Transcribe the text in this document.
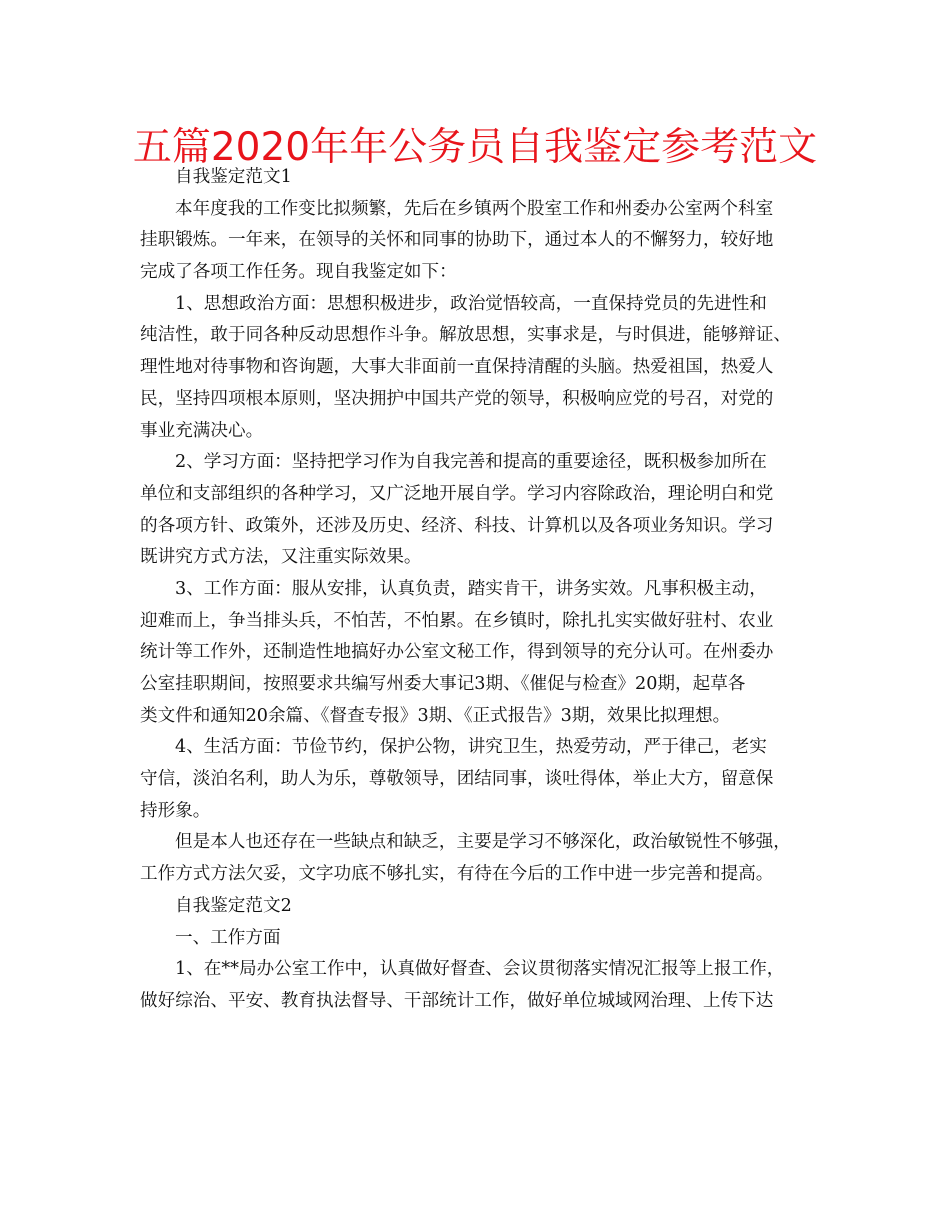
五篇2020年年公务员自我鉴定参考范文
自我鉴定范文1
本年度我的工作变比拟频繁，先后在乡镇两个股室工作和州委办公室两个科室
挂职锻炼。一年来，在领导的关怀和同事的协助下，通过本人的不懈努力，较好地
完成了各项工作任务。现自我鉴定如下：
1、思想政治方面：思想积极进步，政治觉悟较高，一直保持党员的先进性和
纯洁性，敢于同各种反动思想作斗争。解放思想，实事求是，与时俱进，能够辩证、
理性地对待事物和咨询题，大事大非面前一直保持清醒的头脑。热爱祖国，热爱人
民，坚持四项根本原则，坚决拥护中国共产党的领导，积极响应党的号召，对党的
事业充满决心。
2、学习方面：坚持把学习作为自我完善和提高的重要途径，既积极参加所在
单位和支部组织的各种学习，又广泛地开展自学。学习内容除政治，理论明白和党
的各项方针、政策外，还涉及历史、经济、科技、计算机以及各项业务知识。学习
既讲究方式方法，又注重实际效果。
3、工作方面：服从安排，认真负责，踏实肯干，讲务实效。凡事积极主动，
迎难而上，争当排头兵，不怕苦，不怕累。在乡镇时，除扎扎实实做好驻村、农业
统计等工作外，还制造性地搞好办公室文秘工作，得到领导的充分认可。在州委办
公室挂职期间，按照要求共编写州委大事记3期、《催促与检查》20期，起草各
类文件和通知20余篇、《督查专报》3期、《正式报告》3期，效果比拟理想。
4、生活方面：节俭节约，保护公物，讲究卫生，热爱劳动，严于律己，老实
守信，淡泊名利，助人为乐，尊敬领导，团结同事，谈吐得体，举止大方，留意保
持形象。
但是本人也还存在一些缺点和缺乏，主要是学习不够深化，政治敏锐性不够强，
工作方式方法欠妥，文字功底不够扎实，有待在今后的工作中进一步完善和提高。
自我鉴定范文2
一、工作方面
1、在**局办公室工作中，认真做好督查、会议贯彻落实情况汇报等上报工作，
做好综治、平安、教育执法督导、干部统计工作，做好单位城域网治理、上传下达
